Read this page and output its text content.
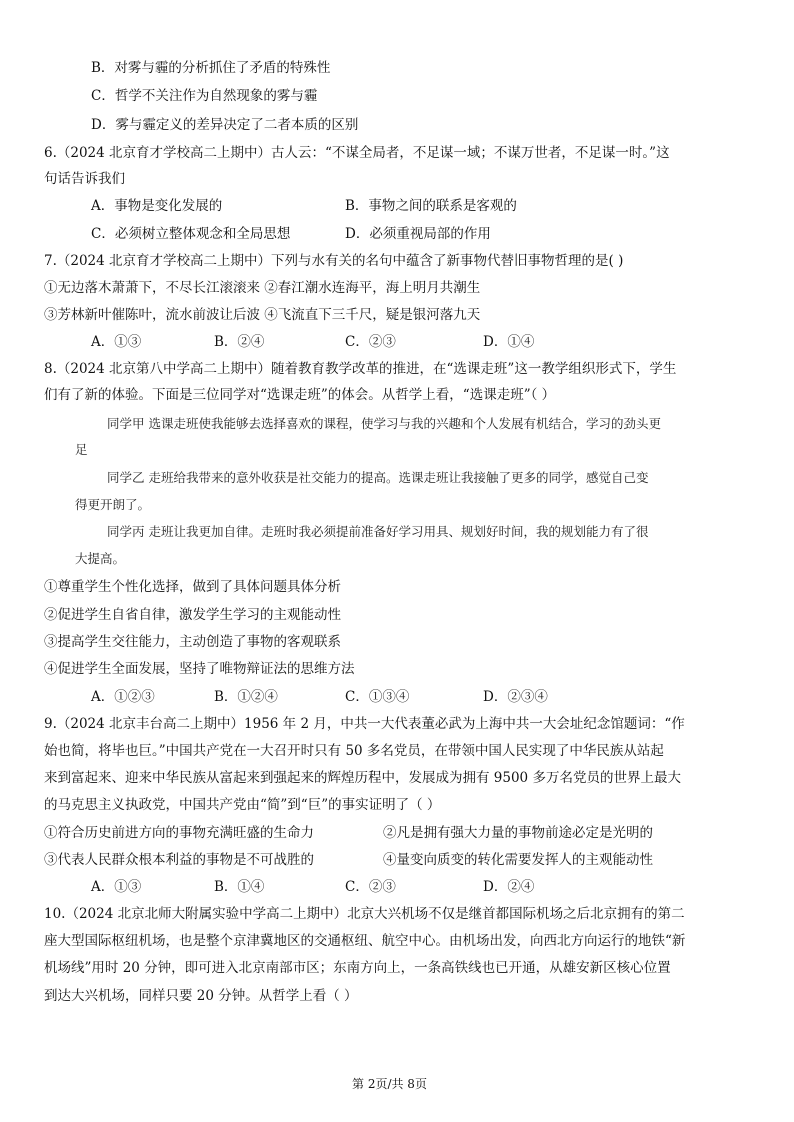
B．对雾与霾的分析抓住了矛盾的特殊性
C．哲学不关注作为自然现象的雾与霾
D．雾与霾定义的差异决定了二者本质的区别
6.（2024 北京育才学校高二上期中）古人云：“不谋全局者，不足谋一域；不谋万世者，不足谋一时。”这
句话告诉我们
A．事物是变化发展的	B．事物之间的联系是客观的
C．必须树立整体观念和全局思想	D．必须重视局部的作用
7.（2024 北京育才学校高二上期中）下列与水有关的名句中蕴含了新事物代替旧事物哲理的是( )
①无边落木萧萧下，不尽长江滚滚来 ②春江潮水连海平，海上明月共潮生
③芳林新叶催陈叶，流水前波让后波 ④飞流直下三千尺，疑是银河落九天
A．①③	B．②④	C．②③	D．①④
8.（2024 北京第八中学高二上期中）随着教育教学改革的推进，在“选课走班”这一教学组织形式下，学生
们有了新的体验。下面是三位同学对“选课走班”的体会。从哲学上看，“选课走班”（ ）
同学甲 选课走班使我能够去选择喜欢的课程，使学习与我的兴趣和个人发展有机结合，学习的劲头更
足
同学乙 走班给我带来的意外收获是社交能力的提高。选课走班让我接触了更多的同学，感觉自己变
得更开朗了。
同学丙 走班让我更加自律。走班时我必须提前准备好学习用具、规划好时间，我的规划能力有了很
大提高。
①尊重学生个性化选择，做到了具体问题具体分析
②促进学生自省自律，激发学生学习的主观能动性
③提高学生交往能力，主动创造了事物的客观联系
④促进学生全面发展，坚持了唯物辩证法的思维方法
A．①②③	B．①②④	C．①③④	D．②③④
9.（2024 北京丰台高二上期中）1956 年 2 月，中共一大代表董必武为上海中共一大会址纪念馆题词：“作
始也简，将毕也巨。”中国共产党在一大召开时只有 50 多名党员，在带领中国人民实现了中华民族从站起
来到富起来、迎来中华民族从富起来到强起来的辉煌历程中，发展成为拥有 9500 多万名党员的世界上最大
的马克思主义执政党，中国共产党由“简”到“巨”的事实证明了（ ）
①符合历史前进方向的事物充满旺盛的生命力	②凡是拥有强大力量的事物前途必定是光明的
③代表人民群众根本利益的事物是不可战胜的	④量变向质变的转化需要发挥人的主观能动性
A．①③	B．①④	C．②③	D．②④
10.（2024 北京北师大附属实验中学高二上期中）北京大兴机场不仅是继首都国际机场之后北京拥有的第二
座大型国际枢纽机场，也是整个京津冀地区的交通枢纽、航空中心。由机场出发，向西北方向运行的地铁“新
机场线”用时 20 分钟，即可进入北京南部市区；东南方向上，一条高铁线也已开通，从雄安新区核心位置
到达大兴机场，同样只要 20 分钟。从哲学上看（ ）
第 2页/共 8页
